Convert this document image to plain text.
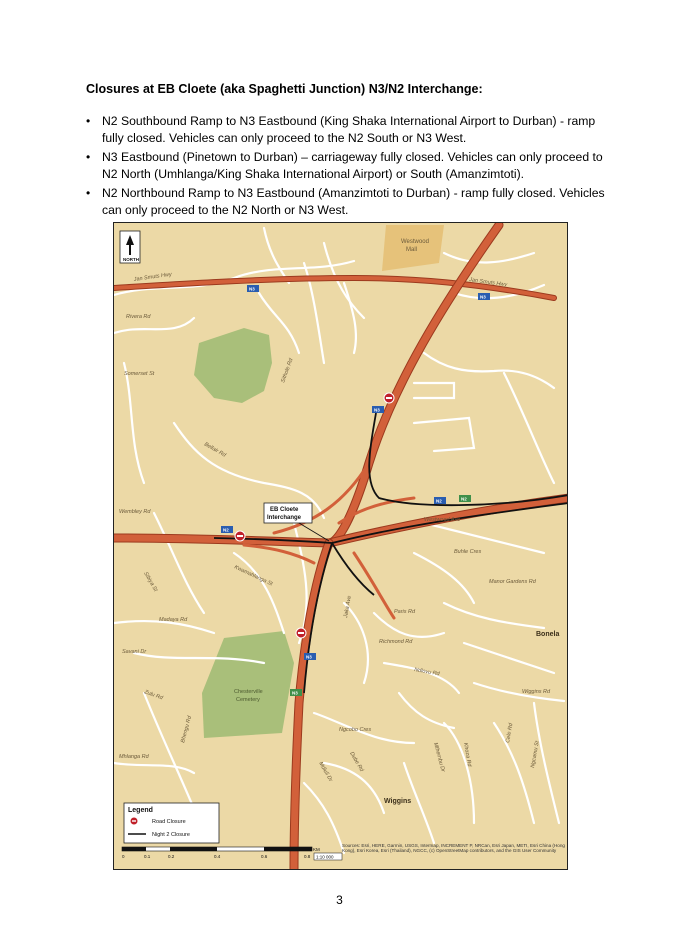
Closures at EB Cloete (aka Spaghetti Junction) N3/N2 Interchange:
• N2 Southbound Ramp to N3 Eastbound (King Shaka International Airport to Durban) - ramp fully closed. Vehicles can only proceed to the N2 South or N3 West.
• N3 Eastbound (Pinetown to Durban) – carriageway fully closed. Vehicles can only proceed to N2 North (Umhlanga/King Shaka International Airport) or South (Amanzimtoti).
• N2 Northbound Ramp to N3 Eastbound (Amanzimtoti to Durban) - ramp fully closed. Vehicles can only proceed to the N2 North or N3 West.
N3
N3
N3
N2
N2
N3
N2
N3
Westwood
Mall
Chesterville
Cemetery
Bonela
Wiggins
Jan Smuts Hwy	Jan Smuts Hwy
Rivera Rd
Somerset St
Wembley Rd
Westwood Ave
Bellair Rd
Madaya Rd
Savani Dr
Wiggins Rd
Richmond Rd
Kwamahlanga St
Sithole Rd
Jaka Ave	Paris Rd
Buhle Cres
Sibiya St
Mhlanga Rd
Zulu Rd
Ngcobo Cres
Ndlovu Rd
Bhengu Rd
Manor Gardens Rd
Mdluli Dr	Dube Rd	Mthembu Dr	Khoza Rd
Cele Rd
Ngcamu St
NORTH
EB Cloete
Interchange
Legend
Road Closure
Night 2 Closure
0	0.1	0.2	0.4	0.6	0.8
KM
1:10 000
Sources: Esri, HERE, Garmin, USGS, Intermap, INCREMENT P, NRCan, Esri Japan, METI, Esri China (Hong Kong), Esri Korea, Esri (Thailand), NGCC, (c) OpenStreetMap contributors, and the GIS User Community
3
